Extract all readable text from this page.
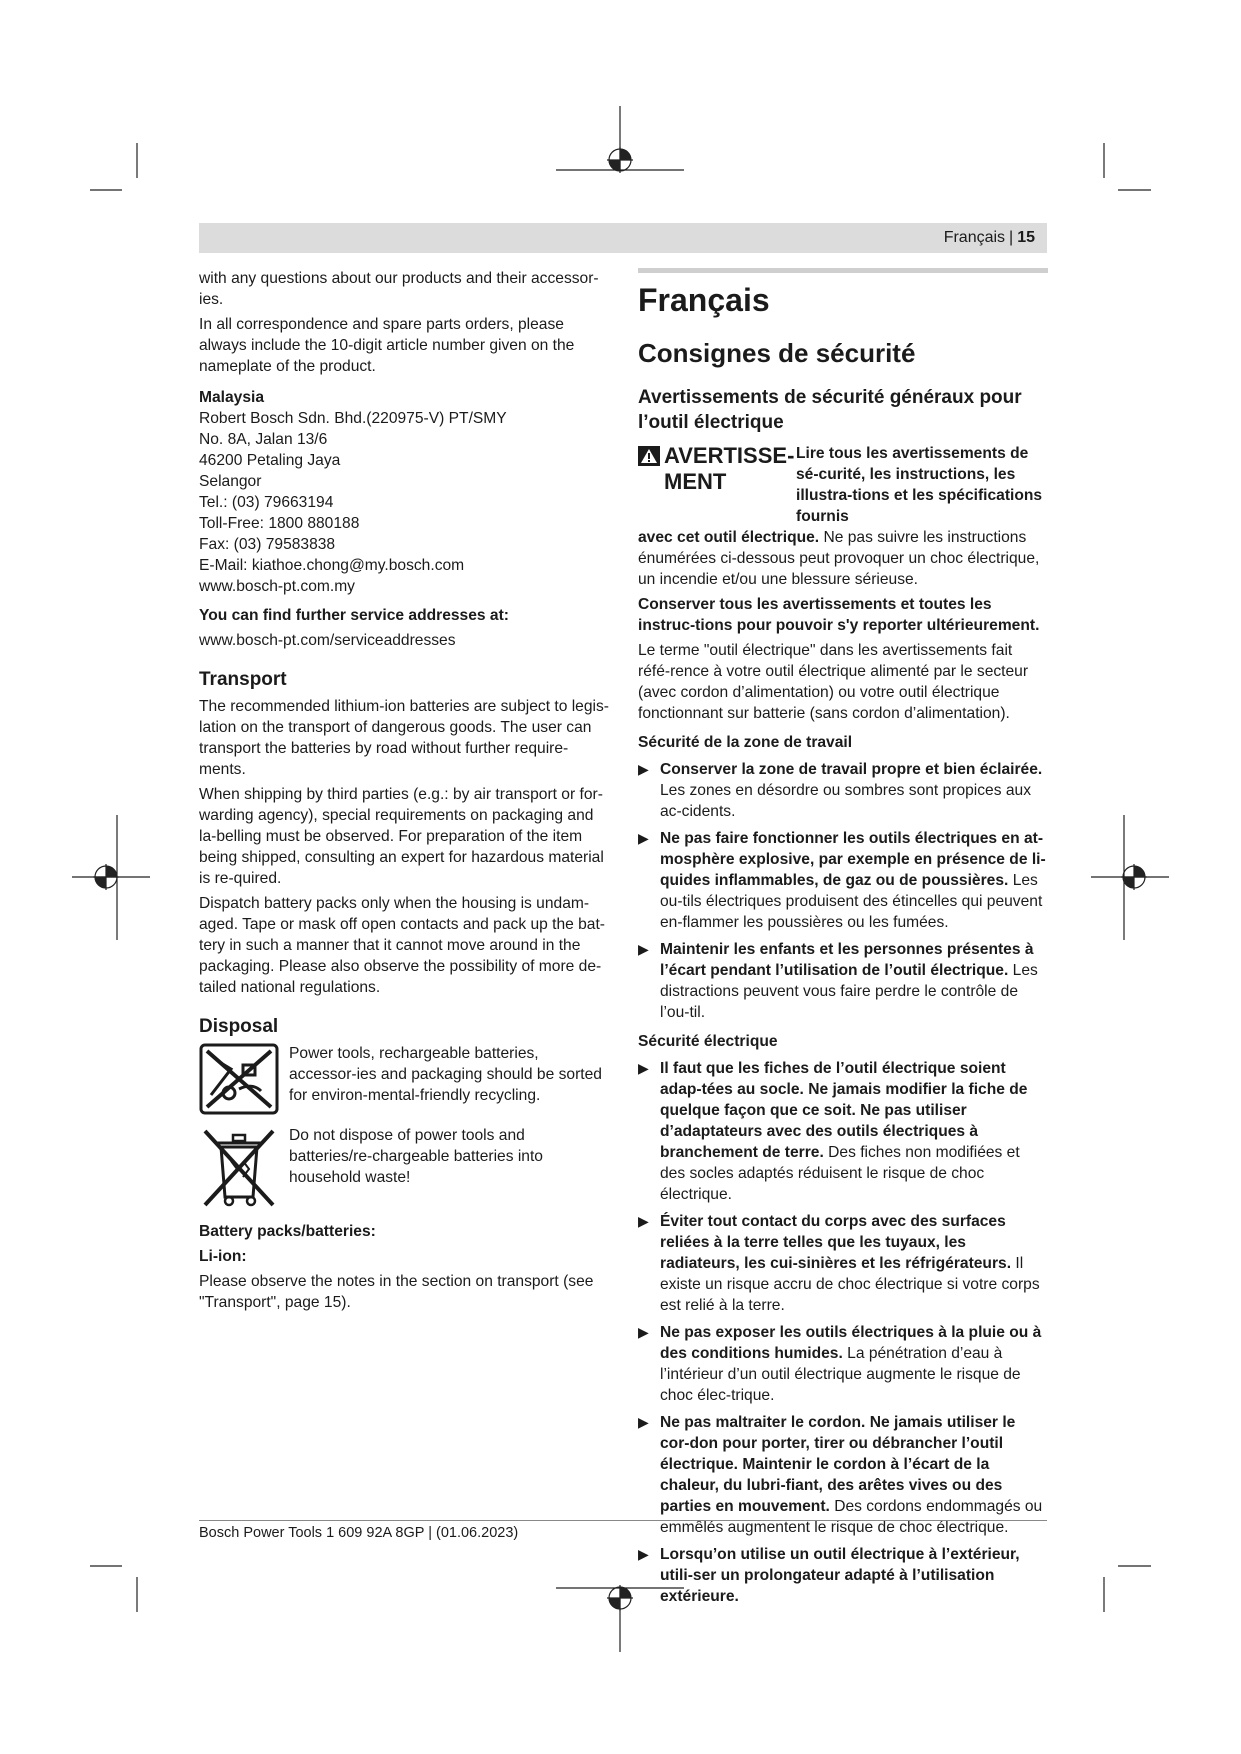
Français | 15

with any questions about our products and their accessor-ies.

In all correspondence and spare parts orders, please always include the 10-digit article number given on the nameplate of the product.

Malaysia
Robert Bosch Sdn. Bhd.(220975-V) PT/SMY
No. 8A, Jalan 13/6
46200 Petaling Jaya
Selangor
Tel.: (03) 79663194
Toll-Free: 1800 880188
Fax: (03) 79583838
E-Mail: kiathoe.chong@my.bosch.com
www.bosch-pt.com.my

You can find further service addresses at:

www.bosch-pt.com/serviceaddresses

Transport

The recommended lithium-ion batteries are subject to legis-lation on the transport of dangerous goods. The user can transport the batteries by road without further require-ments.

When shipping by third parties (e.g.: by air transport or for-warding agency), special requirements on packaging and la-belling must be observed. For preparation of the item being shipped, consulting an expert for hazardous material is re-quired.

Dispatch battery packs only when the housing is undam-aged. Tape or mask off open contacts and pack up the bat-tery in such a manner that it cannot move around in the packaging. Please also observe the possibility of more de-tailed national regulations.

Disposal
Power tools, rechargeable batteries, accessor-ies and packaging should be sorted for environ-mental-friendly recycling.
Do not dispose of power tools and batteries/re-chargeable batteries into household waste!

Battery packs/batteries:

Li-ion:

Please observe the notes in the section on transport (see "Transport", page 15).

Français
Consignes de sécurité
Avertissements de sécurité généraux pour l’outil électrique
AVERTISSE-
MENT
Lire tous les avertissements de sé-curité, les instructions, les illustra-tions et les spécifications fournis

avec cet outil électrique. Ne pas suivre les instructions énumérées ci-dessous peut provoquer un choc électrique, un incendie et/ou une blessure sérieuse.

Conserver tous les avertissements et toutes les instruc-tions pour pouvoir s'y reporter ultérieurement.

Le terme "outil électrique" dans les avertissements fait réfé-rence à votre outil électrique alimenté par le secteur (avec cordon d’alimentation) ou votre outil électrique fonctionnant sur batterie (sans cordon d’alimentation).

Sécurité de la zone de travail
▶ Conserver la zone de travail propre et bien éclairée. Les zones en désordre ou sombres sont propices aux ac-cidents.
▶ Ne pas faire fonctionner les outils électriques en at-mosphère explosive, par exemple en présence de li-quides inflammables, de gaz ou de poussières. Les ou-tils électriques produisent des étincelles qui peuvent en-flammer les poussières ou les fumées.
▶ Maintenir les enfants et les personnes présentes à l’écart pendant l’utilisation de l’outil électrique. Les distractions peuvent vous faire perdre le contrôle de l’ou-til.
Sécurité électrique
▶ Il faut que les fiches de l’outil électrique soient adap-tées au socle. Ne jamais modifier la fiche de quelque façon que ce soit. Ne pas utiliser d’adaptateurs avec des outils électriques à branchement de terre. Des fiches non modifiées et des socles adaptés réduisent le risque de choc électrique.
▶ Éviter tout contact du corps avec des surfaces reliées à la terre telles que les tuyaux, les radiateurs, les cui-sinières et les réfrigérateurs. Il existe un risque accru de choc électrique si votre corps est relié à la terre.
▶ Ne pas exposer les outils électriques à la pluie ou à des conditions humides. La pénétration d’eau à l’intérieur d’un outil électrique augmente le risque de choc élec-trique.
▶ Ne pas maltraiter le cordon. Ne jamais utiliser le cor-don pour porter, tirer ou débrancher l’outil électrique. Maintenir le cordon à l’écart de la chaleur, du lubri-fiant, des arêtes vives ou des parties en mouvement. Des cordons endommagés ou emmêlés augmentent le risque de choc électrique.
▶ Lorsqu’on utilise un outil électrique à l’extérieur, utili-ser un prolongateur adapté à l’utilisation extérieure.
Bosch Power Tools 1 609 92A 8GP | (01.06.2023)
